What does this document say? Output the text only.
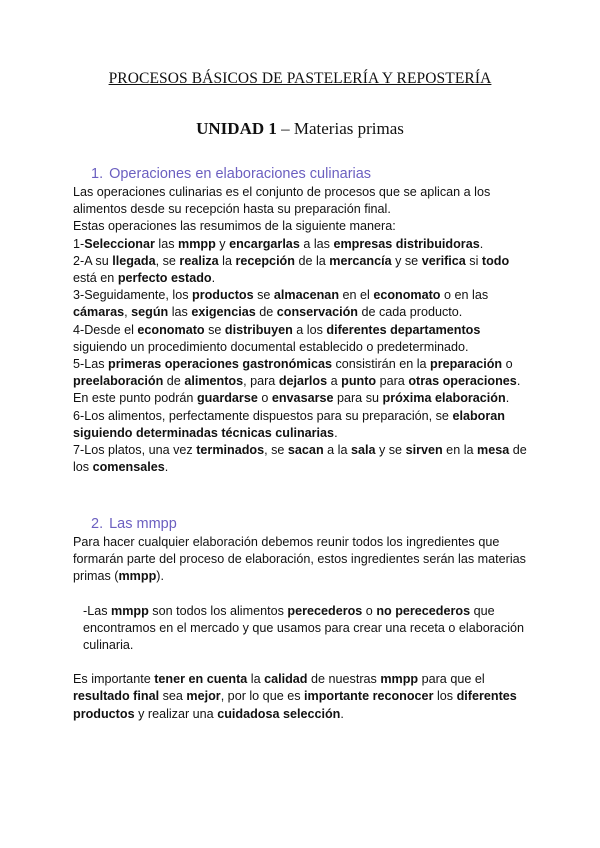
PROCESOS BÁSICOS DE PASTELERÍA Y REPOSTERÍA
UNIDAD 1 – Materias primas
1. Operaciones en elaboraciones culinarias

Las operaciones culinarias es el conjunto de procesos que se aplican a los alimentos desde su recepción hasta su preparación final.

Estas operaciones las resumimos de la siguiente manera:

1-Seleccionar las mmpp y encargarlas a las empresas distribuidoras.

2-A su llegada, se realiza la recepción de la mercancía y se verifica si todo está en perfecto estado.

3-Seguidamente, los productos se almacenan en el economato o en las cámaras, según las exigencias de conservación de cada producto.

4-Desde el economato se distribuyen a los diferentes departamentos siguiendo un procedimiento documental establecido o predeterminado.

5-Las primeras operaciones gastronómicas consistirán en la preparación o preelaboración de alimentos, para dejarlos a punto para otras operaciones. En este punto podrán guardarse o envasarse para su próxima elaboración.

6-Los alimentos, perfectamente dispuestos para su preparación, se elaboran siguiendo determinadas técnicas culinarias.

7-Los platos, una vez terminados, se sacan a la sala y se sirven en la mesa de los comensales.

2. Las mmpp

Para hacer cualquier elaboración debemos reunir todos los ingredientes que formarán parte del proceso de elaboración, estos ingredientes serán las materias primas (mmpp).

-Las mmpp son todos los alimentos perecederos o no perecederos que encontramos en el mercado y que usamos para crear una receta o elaboración culinaria.

Es importante tener en cuenta la calidad de nuestras mmpp para que el resultado final sea mejor, por lo que es importante reconocer los diferentes productos y realizar una cuidadosa selección.
